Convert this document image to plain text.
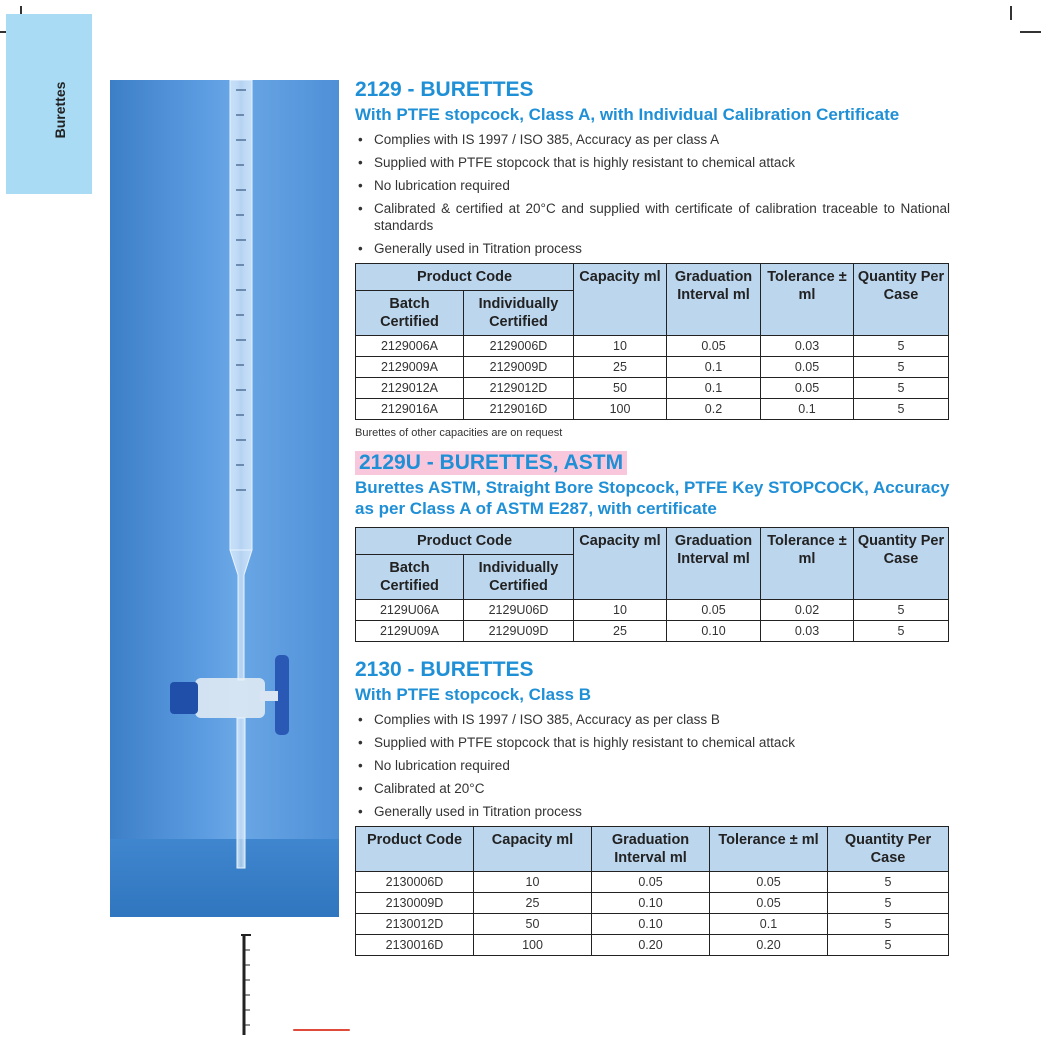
Burettes	2129 - BURETTES
With PTFE stopcock, Class A, with Individual Calibration Certificate
• Complies with IS 1997 / ISO 385, Accuracy as per class A
• Supplied with PTFE stopcock that is highly resistant to chemical attack
• No lubrication required
• Calibrated & certified at 20°C and supplied with certificate of calibration traceable to National standards
• Generally used in Titration process
Product Code		Capacity ml	Graduation Interval ml	Tolerance ± ml	Quantity Per Case
Batch Certified	Individually Certified				
2129006A	2129006D	10	0.05	0.03	5
2129009A	2129009D	25	0.1	0.05	5
2129012A	2129012D	50	0.1	0.05	5
2129016A	2129016D	100	0.2	0.1	5
Burettes of other capacities are on request
2129U - BURETTES, ASTM
Burettes ASTM, Straight Bore Stopcock, PTFE Key STOPCOCK, Accuracy as per Class A of ASTM E287, with certificate
Product Code		Capacity ml	Graduation Interval ml	Tolerance ± ml	Quantity Per Case
Batch Certified	Individually Certified				
2129U06A	2129U06D	10	0.05	0.02	5
2129U09A	2129U09D	25	0.10	0.03	5
2130 - BURETTES
With PTFE stopcock, Class B
• Complies with IS 1997 / ISO 385, Accuracy as per class B
• Supplied with PTFE stopcock that is highly resistant to chemical attack
• No lubrication required
• Calibrated at 20°C
• Generally used in Titration process
Product Code	Capacity ml	Graduation Interval ml	Tolerance ± ml	Quantity Per Case
2130006D	10	0.05	0.05	5
2130009D	25	0.10	0.05	5
2130012D	50	0.10	0.1	5
2130016D	100	0.20	0.20	5
